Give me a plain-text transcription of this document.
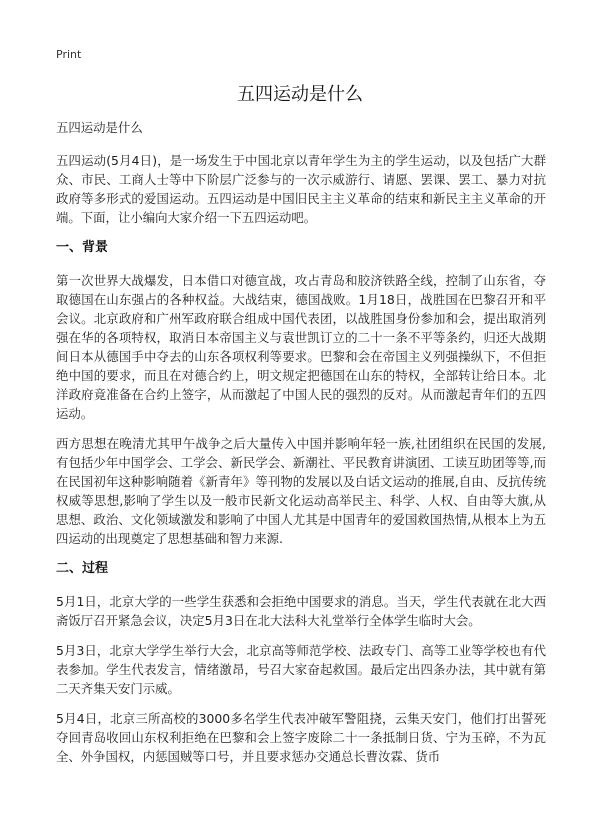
Print
五四运动是什么

五四运动是什么

五四运动(5月4日)，是一场发生于中国北京以青年学生为主的学生运动，以及包括广大群众、市民、工商人士等中下阶层广泛参与的一次示威游行、请愿、罢课、罢工、暴力对抗政府等多形式的爱国运动。五四运动是中国旧民主主义革命的结束和新民主主义革命的开端。下面，让小编向大家介绍一下五四运动吧。

一、背景

第一次世界大战爆发，日本借口对德宣战，攻占青岛和胶济铁路全线，控制了山东省，夺取德国在山东强占的各种权益。大战结束，德国战败。1月18日，战胜国在巴黎召开和平会议。北京政府和广州军政府联合组成中国代表团，以战胜国身份参加和会，提出取消列强在华的各项特权，取消日本帝国主义与袁世凯订立的二十一条不平等条约，归还大战期间日本从德国手中夺去的山东各项权利等要求。巴黎和会在帝国主义列强操纵下，不但拒绝中国的要求，而且在对德合约上，明文规定把德国在山东的特权，全部转让给日本。北洋政府竟准备在合约上签字，从而激起了中国人民的强烈的反对。从而激起青年们的五四运动。

西方思想在晚清尤其甲午战争之后大量传入中国并影响年轻一族,社团组织在民国的发展,有包括少年中国学会、工学会、新民学会、新潮社、平民教育讲演团、工读互助团等等,而在民国初年这种影响随着《新青年》等刊物的发展以及白话文运动的推展,自由、反抗传统权威等思想,影响了学生以及一般市民新文化运动高举民主、科学、人权、自由等大旗,从思想、政治、文化领域激发和影响了中国人尤其是中国青年的爱国救国热情,从根本上为五四运动的出现奠定了思想基础和智力来源.

二、过程

5月1日，北京大学的一些学生获悉和会拒绝中国要求的消息。当天，学生代表就在北大西斋饭厅召开紧急会议，决定5月3日在北大法科大礼堂举行全体学生临时大会。

5月3日，北京大学学生举行大会，北京高等师范学校、法政专门、高等工业等学校也有代表参加。学生代表发言，情绪激昂，号召大家奋起救国。最后定出四条办法，其中就有第二天齐集天安门示威。

5月4日，北京三所高校的3000多名学生代表冲破军警阻挠，云集天安门，他们打出誓死夺回青岛收回山东权利拒绝在巴黎和会上签字废除二十一条抵制日货、宁为玉碎，不为瓦全、外争国权，内惩国贼等口号，并且要求惩办交通总长曹汝霖、货币
